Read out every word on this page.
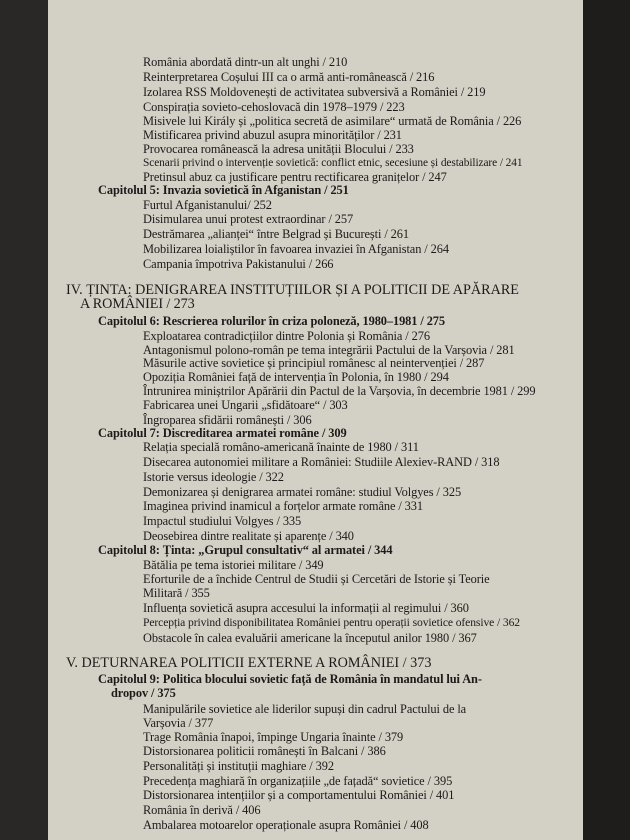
România abordată dintr-un alt unghi / 210
Reinterpretarea Coșului III ca o armă anti-românească / 216
Izolarea RSS Moldovenești de activitatea subversivă a României / 219
Conspirația sovieto-cehoslovacă din 1978–1979 / 223
Misivele lui Király și „politica secretă de asimilare“ urmată de România / 226
Mistificarea privind abuzul asupra minorităților / 231
Provocarea românească la adresa unității Blocului / 233
Scenarii privind o intervenție sovietică: conflict etnic, secesiune și destabilizare / 241
Pretinsul abuz ca justificare pentru rectificarea granițelor / 247
Capitolul 5: Invazia sovietică în Afganistan / 251
Furtul Afganistanului/ 252
Disimularea unui protest extraordinar / 257
Destrămarea „alianței“ între Belgrad și București / 261
Mobilizarea loialiștilor în favoarea invaziei în Afganistan / 264
Campania împotriva Pakistanului / 266
IV. ȚINTA: DENIGRAREA INSTITUȚIILOR ȘI A POLITICII DE APĂRARE
A ROMÂNIEI / 273
Capitolul 6: Rescrierea rolurilor în criza poloneză, 1980–1981 / 275
Exploatarea contradicțiilor dintre Polonia și România / 276
Antagonismul polono-român pe tema integrării Pactului de la Varșovia / 281
Măsurile active sovietice și principiul românesc al neintervenției / 287
Opoziția României față de intervenția în Polonia, în 1980 / 294
Întrunirea miniștrilor Apărării din Pactul de la Varșovia, în decembrie 1981 / 299
Fabricarea unei Ungarii „sfidătoare“ / 303
Îngroparea sfidării românești / 306
Capitolul 7: Discreditarea armatei române / 309
Relația specială româno-americană înainte de 1980 / 311
Disecarea autonomiei militare a României: Studiile Alexiev-RAND / 318
Istorie versus ideologie / 322
Demonizarea și denigrarea armatei române: studiul Volgyes / 325
Imaginea privind inamicul a forțelor armate române / 331
Impactul studiului Volgyes / 335
Deosebirea dintre realitate și aparențe / 340
Capitolul 8: Ținta: „Grupul consultativ“ al armatei / 344
Bătălia pe tema istoriei militare / 349
Eforturile de a închide Centrul de Studii și Cercetări de Istorie și Teorie
Militară / 355
Influența sovietică asupra accesului la informații al regimului / 360
Percepția privind disponibilitatea României pentru operații sovietice ofensive / 362
Obstacole în calea evaluării americane la începutul anilor 1980 / 367
V. DETURNAREA POLITICII EXTERNE A ROMÂNIEI / 373
Capitolul 9: Politica blocului sovietic față de România în mandatul lui An-
dropov / 375
Manipulările sovietice ale liderilor supuși din cadrul Pactului de la
Varșovia / 377
Trage România înapoi, împinge Ungaria înainte / 379
Distorsionarea politicii românești în Balcani / 386
Personalități și instituții maghiare / 392
Precedența maghiară în organizațiile „de fațadă“ sovietice / 395
Distorsionarea intențiilor și a comportamentului României / 401
România în derivă / 406
Ambalarea motoarelor operaționale asupra României / 408
